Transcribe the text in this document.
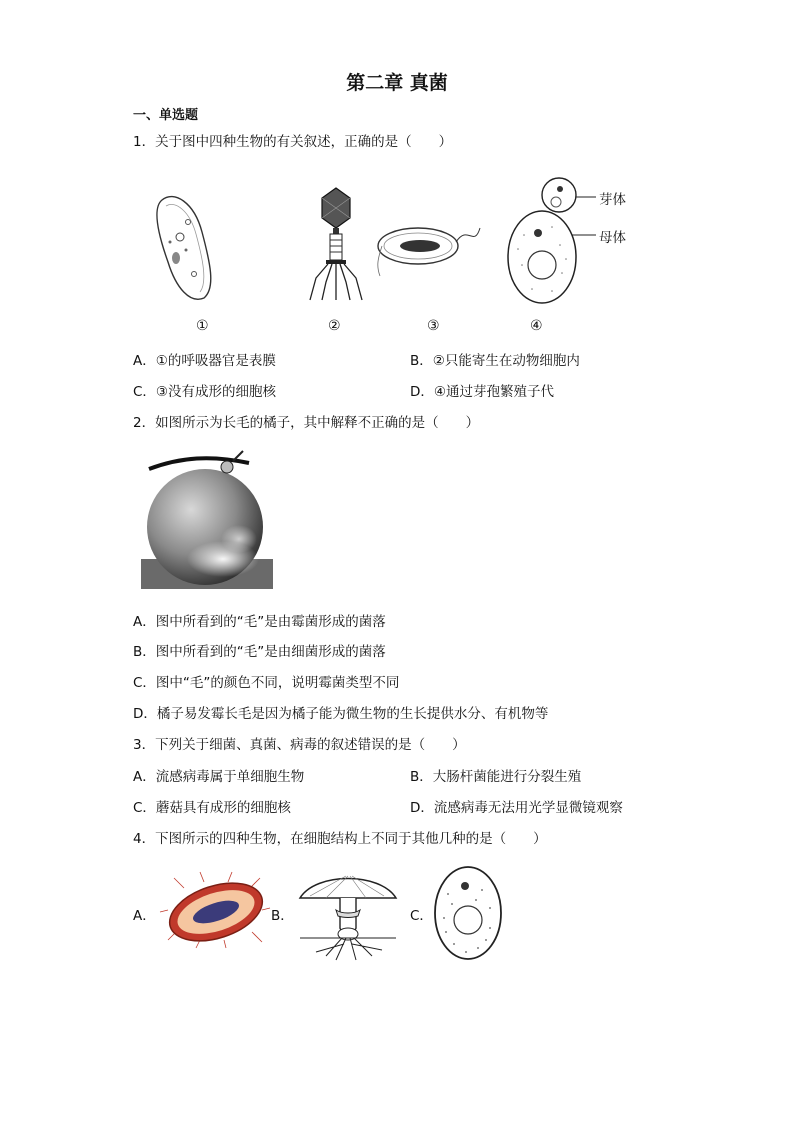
第二章 真菌
一、单选题
1．关于图中四种生物的有关叙述，正确的是（　　）
芽体
母体
①	②	③	④
A．①的呼吸器官是表膜	B．②只能寄生在动物细胞内
C．③没有成形的细胞核	D．④通过芽孢繁殖子代
2．如图所示为长毛的橘子，其中解释不正确的是（　　）
A．图中所看到的“毛”是由霉菌形成的菌落
B．图中所看到的“毛”是由细菌形成的菌落
C．图中“毛”的颜色不同，说明霉菌类型不同
D．橘子易发霉长毛是因为橘子能为微生物的生长提供水分、有机物等
3．下列关于细菌、真菌、病毒的叙述错误的是（　　）
A．流感病毒属于单细胞生物	B．大肠杆菌能进行分裂生殖
C．蘑菇具有成形的细胞核	D．流感病毒无法用光学显微镜观察
4．下图所示的四种生物，在细胞结构上不同于其他几种的是（　　）
A．	B．	C．
